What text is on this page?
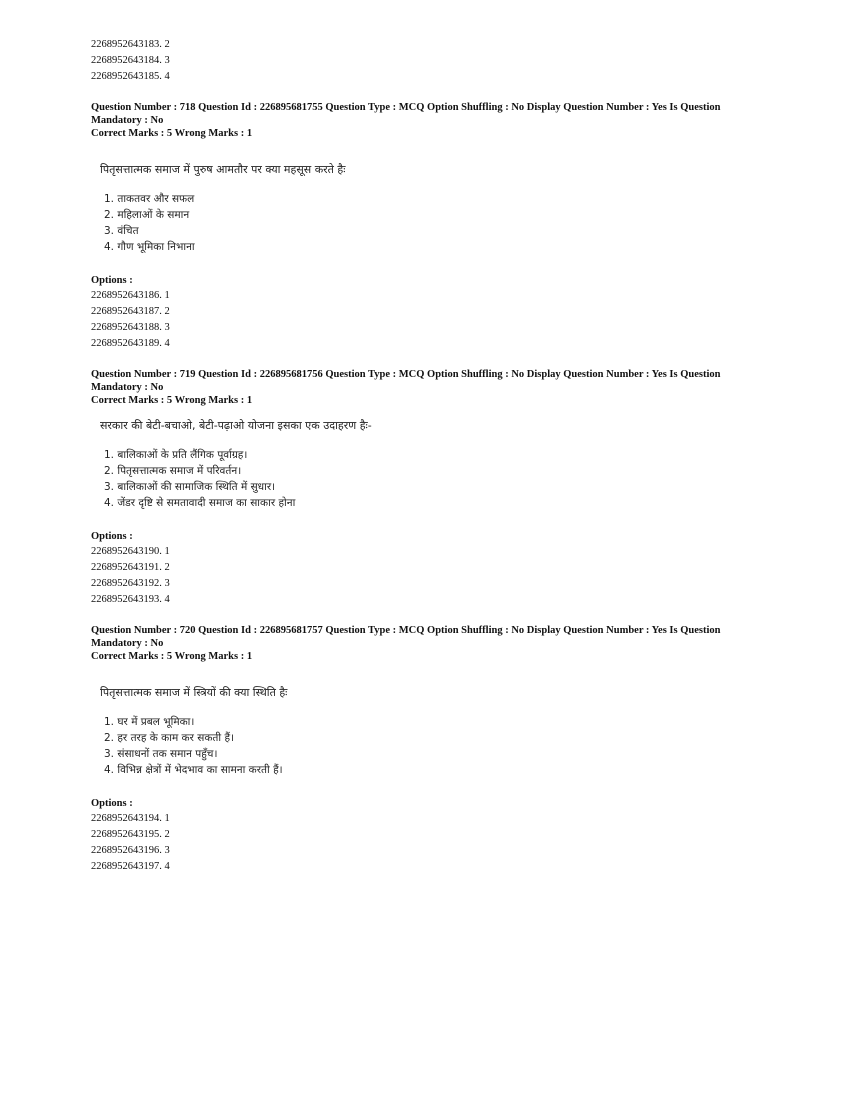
2268952643183. 2
2268952643184. 3
2268952643185. 4
Question Number : 718 Question Id : 226895681755 Question Type : MCQ Option Shuffling : No Display Question Number : Yes Is Question Mandatory : No
Correct Marks : 5 Wrong Marks : 1
पितृसत्तात्मक समाज में पुरुष आमतौर पर क्या महसूस करते हैः
1. ताकतवर और सफल
2. महिलाओं के समान
3. वंचित
4. गौण भूमिका निभाना
Options :
2268952643186. 1
2268952643187. 2
2268952643188. 3
2268952643189. 4
Question Number : 719 Question Id : 226895681756 Question Type : MCQ Option Shuffling : No Display Question Number : Yes Is Question Mandatory : No
Correct Marks : 5 Wrong Marks : 1
सरकार की बेटी-बचाओ, बेटी-पढ़ाओ योजना इसका एक उदाहरण हैः-
1. बालिकाओं के प्रति लैंगिक पूर्वाग्रह।
2. पितृसत्तात्मक समाज में परिवर्तन।
3. बालिकाओं की सामाजिक स्थिति में सुधार।
4. जेंडर दृष्टि से समतावादी समाज का साकार होना
Options :
2268952643190. 1
2268952643191. 2
2268952643192. 3
2268952643193. 4
Question Number : 720 Question Id : 226895681757 Question Type : MCQ Option Shuffling : No Display Question Number : Yes Is Question Mandatory : No
Correct Marks : 5 Wrong Marks : 1
पितृसत्तात्मक समाज में स्त्रियों की क्या स्थिति हैः
1. घर में प्रबल भूमिका।
2. हर तरह के काम कर सकती हैं।
3. संसाधनों तक समान पहुँच।
4. विभिन्न क्षेत्रों में भेदभाव का सामना करती हैं।
Options :
2268952643194. 1
2268952643195. 2
2268952643196. 3
2268952643197. 4
